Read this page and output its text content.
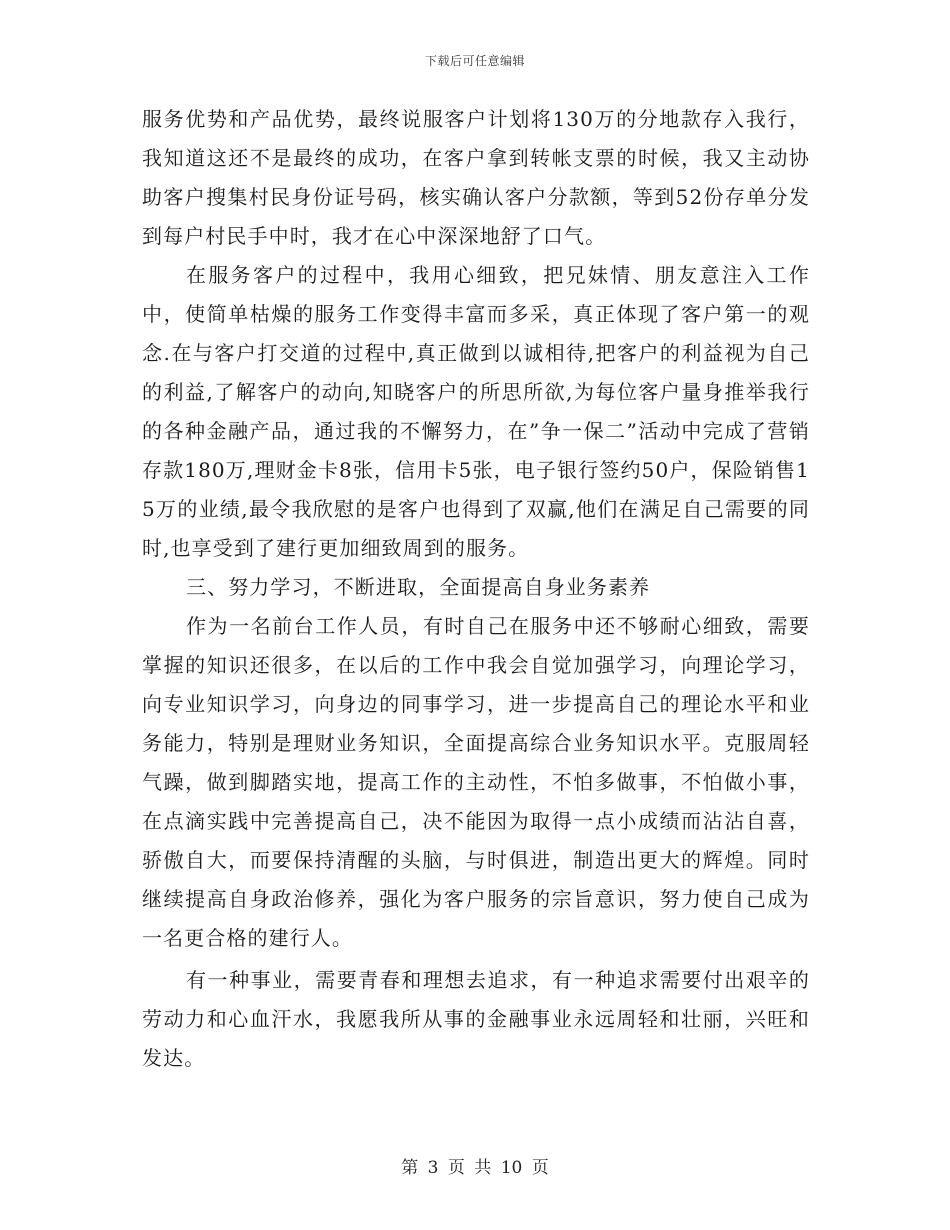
下载后可任意编辑

服务优势和产品优势，最终说服客户计划将130万的分地款存入我行，我知道这还不是最终的成功，在客户拿到转帐支票的时候，我又主动协助客户搜集村民身份证号码，核实确认客户分款额，等到52份存单分发到每户村民手中时，我才在心中深深地舒了口气。

在服务客户的过程中，我用心细致，把兄妹情、朋友意注入工作中，使简单枯燥的服务工作变得丰富而多采，真正体现了客户第一的观念.在与客户打交道的过程中,真正做到以诚相待,把客户的利益视为自己的利益,了解客户的动向,知晓客户的所思所欲,为每位客户量身推举我行的各种金融产品，通过我的不懈努力，在”争一保二”活动中完成了营销存款180万,理财金卡8张，信用卡5张，电子银行签约50户，保险销售15万的业绩,最令我欣慰的是客户也得到了双赢,他们在满足自己需要的同时,也享受到了建行更加细致周到的服务。

三、努力学习，不断进取，全面提高自身业务素养

作为一名前台工作人员，有时自己在服务中还不够耐心细致，需要掌握的知识还很多，在以后的工作中我会自觉加强学习，向理论学习，向专业知识学习，向身边的同事学习，进一步提高自己的理论水平和业务能力，特别是理财业务知识，全面提高综合业务知识水平。克服周轻气躁，做到脚踏实地，提高工作的主动性，不怕多做事，不怕做小事，在点滴实践中完善提高自己，决不能因为取得一点小成绩而沾沾自喜，骄傲自大，而要保持清醒的头脑，与时俱进，制造出更大的辉煌。同时继续提高自身政治修养，强化为客户服务的宗旨意识，努力使自己成为一名更合格的建行人。

有一种事业，需要青春和理想去追求，有一种追求需要付出艰辛的劳动力和心血汗水，我愿我所从事的金融事业永远周轻和壮丽，兴旺和发达。

第 3 页 共 10 页
